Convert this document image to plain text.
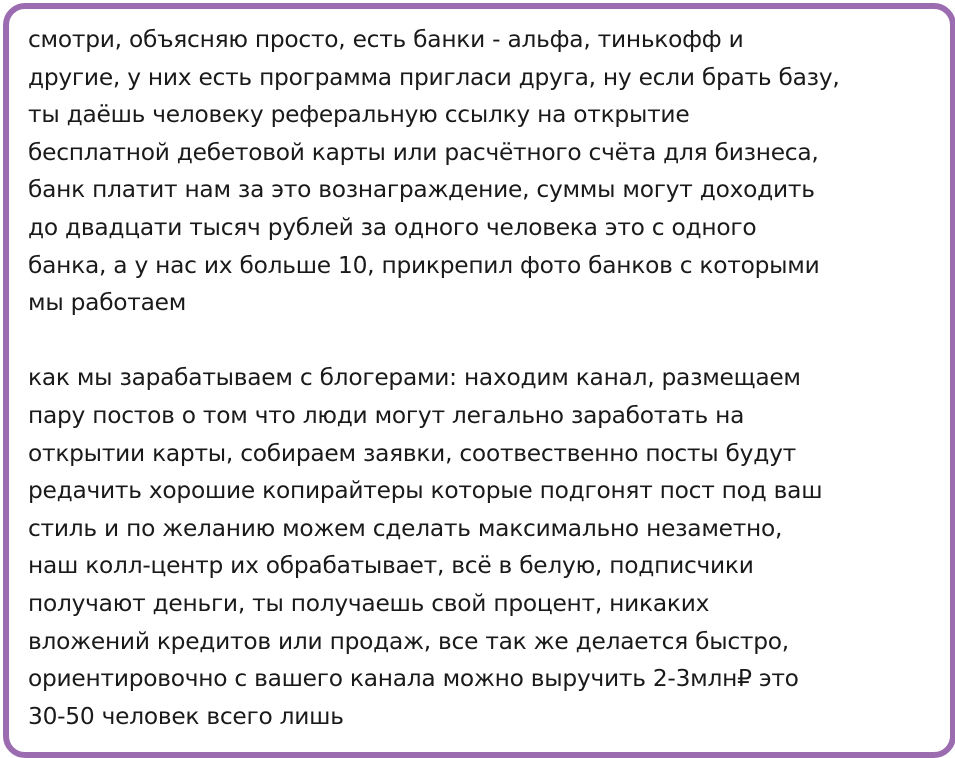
смотри, объясняю просто, есть банки - альфа, тинькофф и
другие, у них есть программа пригласи друга, ну если брать базу,
ты даёшь человеку реферальную ссылку на открытие
бесплатной дебетовой карты или расчётного счёта для бизнеса,
банк платит нам за это вознаграждение, суммы могут доходить
до двадцати тысяч рублей за одного человека это с одного
банка, а у нас их больше 10, прикрепил фото банков с которыми
мы работаем
как мы зарабатываем с блогерами: находим канал, размещаем
пару постов о том что люди могут легально заработать на
открытии карты, собираем заявки, соотвественно посты будут
редачить хорошие копирайтеры которые подгонят пост под ваш
стиль и по желанию можем сделать максимально незаметно,
наш колл-центр их обрабатывает, всё в белую, подписчики
получают деньги, ты получаешь свой процент, никаких
вложений кредитов или продаж, все так же делается быстро,
ориентировочно с вашего канала можно выручить 2-3млн₽ это
30-50 человек всего лишь
